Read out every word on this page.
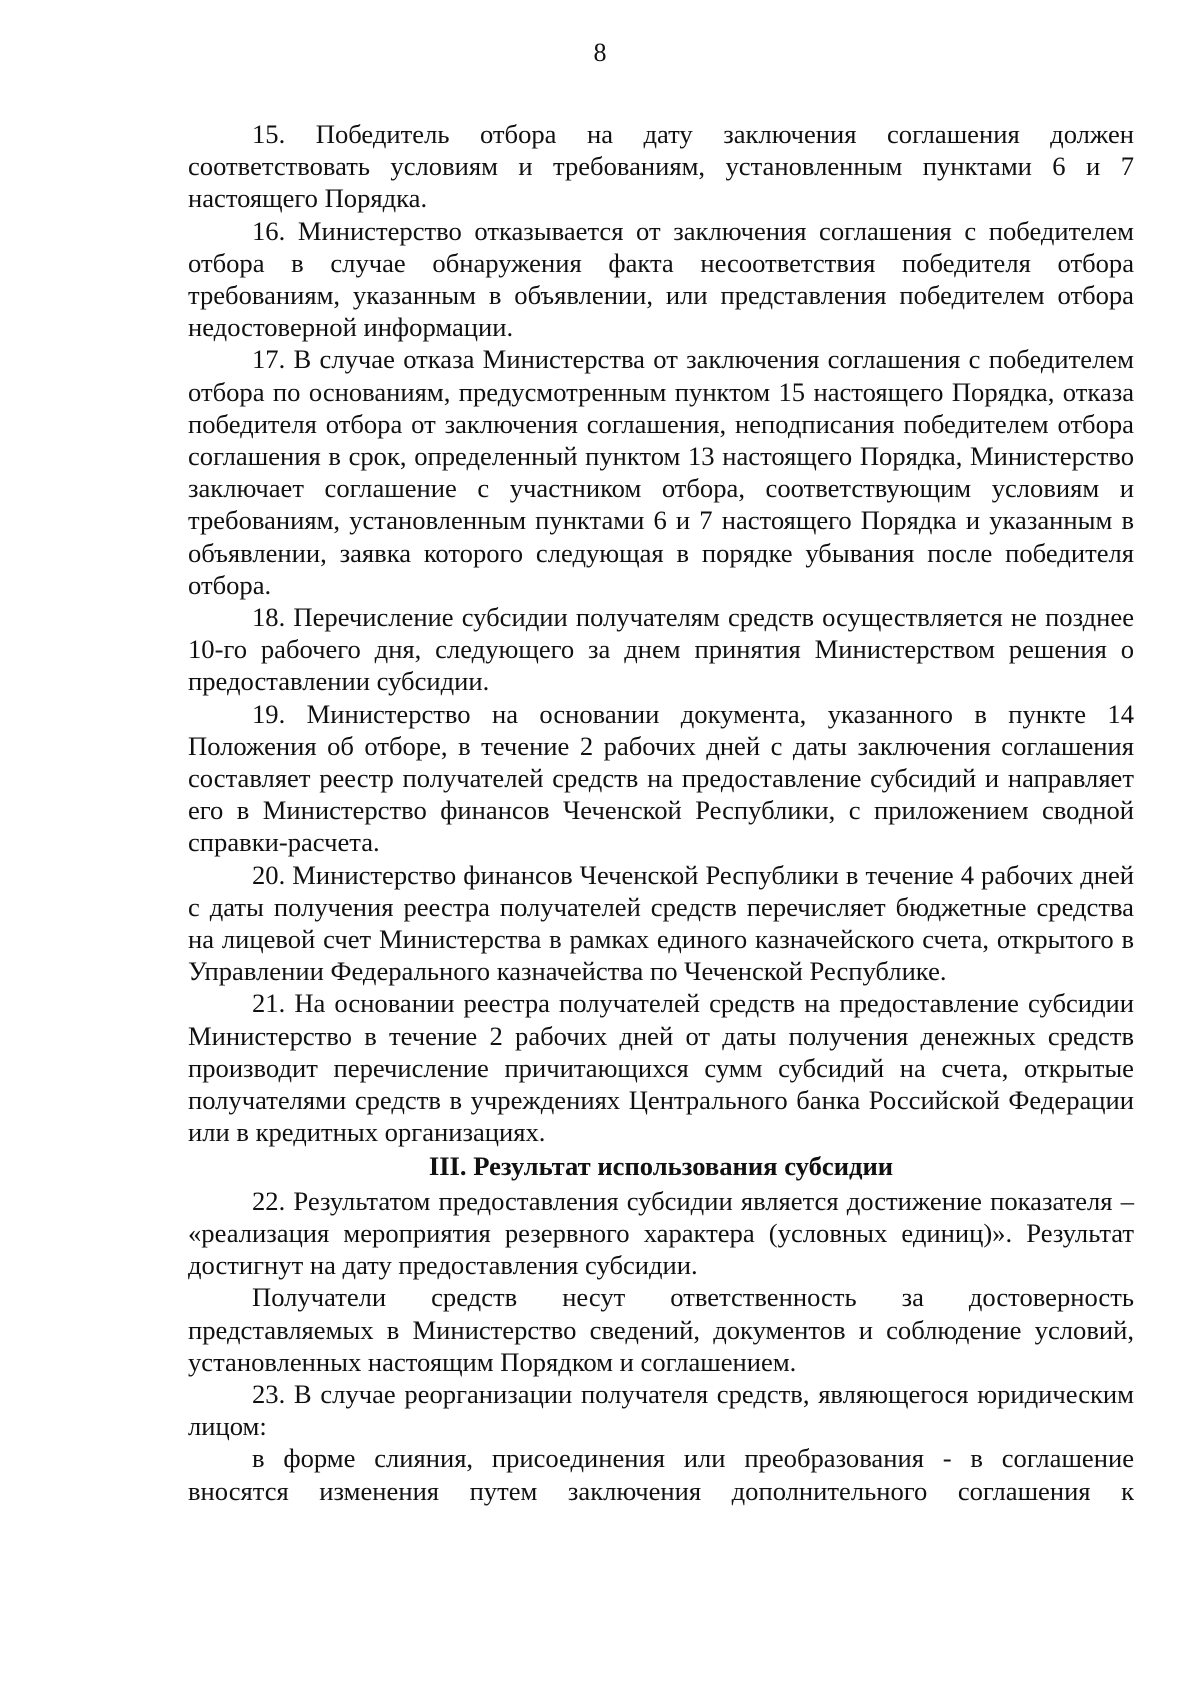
8

15. Победитель отбора на дату заключения соглашения должен соответствовать условиям и требованиям, установленным пунктами 6 и 7 настоящего Порядка.

16. Министерство отказывается от заключения соглашения с победителем отбора в случае обнаружения факта несоответствия победителя отбора требованиям, указанным в объявлении, или представления победителем отбора недостоверной информации.

17. В случае отказа Министерства от заключения соглашения с победителем отбора по основаниям, предусмотренным пунктом 15 настоящего Порядка, отказа победителя отбора от заключения соглашения, неподписания победителем отбора соглашения в срок, определенный пунктом 13 настоящего Порядка, Министерство заключает соглашение с участником отбора, соответствующим условиям и требованиям, установленным пунктами 6 и 7 настоящего Порядка и указанным в объявлении, заявка которого следующая в порядке убывания после победителя отбора.

18. Перечисление субсидии получателям средств осуществляется не позднее 10-го рабочего дня, следующего за днем принятия Министерством решения о предоставлении субсидии.

19. Министерство на основании документа, указанного в пункте 14 Положения об отборе, в течение 2 рабочих дней с даты заключения соглашения составляет реестр получателей средств на предоставление субсидий и направляет его в Министерство финансов Чеченской Республики, с приложением сводной справки-расчета.

20. Министерство финансов Чеченской Республики в течение 4 рабочих дней с даты получения реестра получателей средств перечисляет бюджетные средства на лицевой счет Министерства в рамках единого казначейского счета, открытого в Управлении Федерального казначейства по Чеченской Республике.

21. На основании реестра получателей средств на предоставление субсидии Министерство в течение 2 рабочих дней от даты получения денежных средств производит перечисление причитающихся сумм субсидий на счета, открытые получателями средств в учреждениях Центрального банка Российской Федерации или в кредитных организациях.

III. Результат использования субсидии

22. Результатом предоставления субсидии является достижение показателя – «реализация мероприятия резервного характера (условных единиц)». Результат достигнут на дату предоставления субсидии.

Получатели средств несут ответственность за достоверность представляемых в Министерство сведений, документов и соблюдение условий, установленных настоящим Порядком и соглашением.

23. В случае реорганизации получателя средств, являющегося юридическим лицом:

в форме слияния, присоединения или преобразования - в соглашение вносятся изменения путем заключения дополнительного соглашения к
